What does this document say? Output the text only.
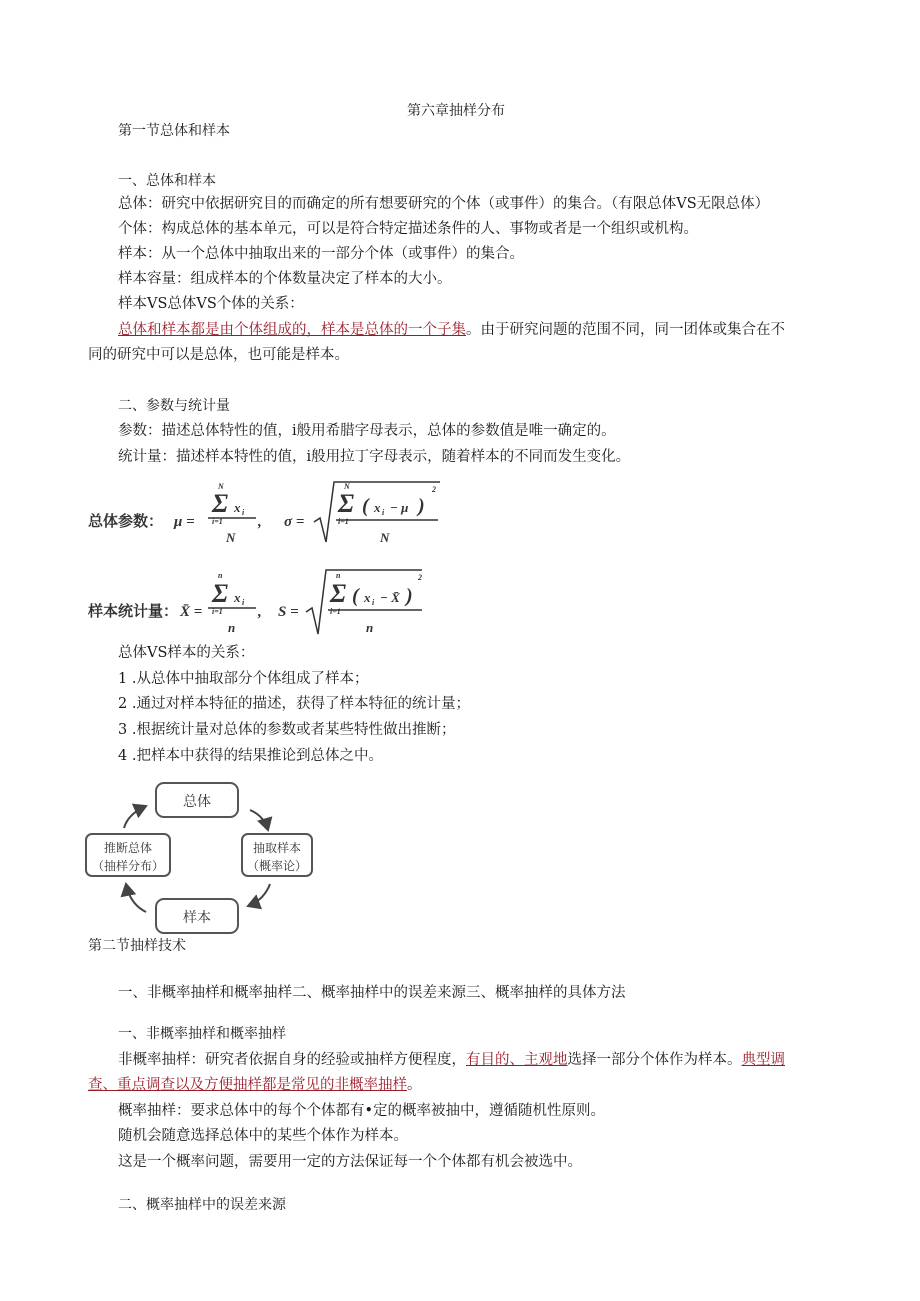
第六章抽样分布
第一节总体和样本
一、总体和样本
总体：研究中依据研究目的而确定的所有想要研究的个体（或事件）的集合。（有限总体VS无限总体）
个体：构成总体的基本单元，可以是符合特定描述条件的人、事物或者是一个组织或机构。
样本：从一个总体中抽取出来的一部分个体（或事件）的集合。
样本容量：组成样本的个体数量决定了样本的大小。
样本VS总体VS个体的关系：
总体和样本都是由个体组成的，样本是总体的一个子集。由于研究问题的范围不同，同一团体或集合在不
同的研究中可以是总体，也可能是样本。
二、参数与统计量
参数：描述总体特性的值，i般用希腊字母表示，总体的参数值是唯一确定的。
统计量：描述样本特性的值，i般用拉丁字母表示，随着样本的不同而发生变化。
总体参数：
样本统计量：
μ =
Σ
N
i=1
x i
N
, σ =
Σ
N
i=1
( x i − μ )
2
N
X̄ =
Σ
n
i=1
x i
n
, S =
Σ
n
i=1
( x i − X̄ )
2
n
总体VS样本的关系：
1 .从总体中抽取部分个体组成了样本；
2 .通过对样本特征的描述，获得了样本特征的统计量；
3 .根据统计量对总体的参数或者某些特性做出推断；
4 .把样本中获得的结果推论到总体之中。
总体
抽取样本
（概率论）
样本
推断总体
（抽样分布）
第二节抽样技术
一、非概率抽样和概率抽样二、概率抽样中的误差来源三、概率抽样的具体方法
一、非概率抽样和概率抽样
非概率抽样：研究者依据自身的经验或抽样方便程度，有目的、主观地选择一部分个体作为样本。典型调
查、重点调查以及方便抽样都是常见的非概率抽样。
概率抽样：要求总体中的每个个体都有•定的概率被抽中，遵循随机性原则。
随机会随意选择总体中的某些个体作为样本。
这是一个概率问题，需要用一定的方法保证每一个个体都有机会被选中。
二、概率抽样中的误差来源
